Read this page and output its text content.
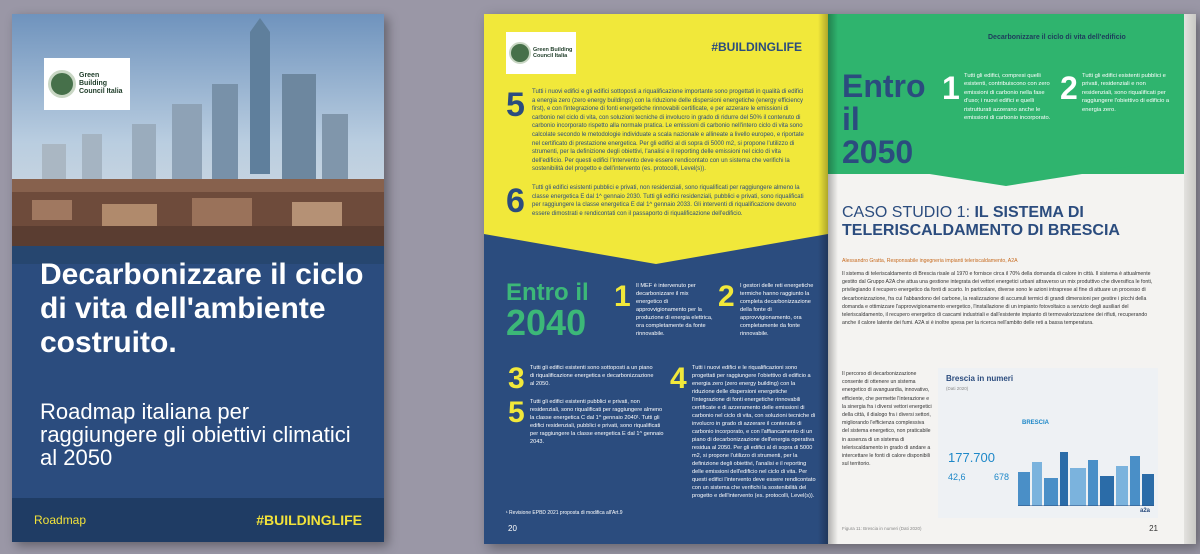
Green Building Council Italia
Decarbonizzare il ciclo di vita dell'ambiente costruito.
Roadmap italiana per raggiungere gli obiettivi climatici al 2050
Roadmap	#BUILDINGLIFE
Green Building Council Italia
#BUILDINGLIFE
5 Tutti i nuovi edifici e gli edifici sottoposti a riqualificazione importante sono progettati in qualità di edifici a energia zero (zero energy buildings) con la riduzione delle dispersioni energetiche (energy efficiency first), e con l'integrazione di fonti energetiche rinnovabili certificate, e per azzerare le emissioni di carbonio nel ciclo di vita, con soluzioni tecniche di involucro in grado di ridurre del 50% il contenuto di carbonio incorporato rispetto alla normale pratica. Le emissioni di carbonio nell'intero ciclo di vita sono calcolate secondo le metodologie individuate a scala nazionale e allineate a livello europeo, e riportate nel certificato di prestazione energetica. Per gli edifici al di sopra di 5000 m2, si propone l'utilizzo di strumenti, per la definizione degli obiettivi, l'analisi e il reporting delle emissioni nel ciclo di vita dell'edificio. Per questi edifici l'intervento deve essere rendicontato con un sistema che verifichi la sostenibilità del progetto e dell'intervento (es. protocolli, Level(s)).

6 Tutti gli edifici esistenti pubblici e privati, non residenziali, sono riqualificati per raggiungere almeno la classe energetica E dal 1^ gennaio 2030. Tutti gli edifici residenziali, pubblici e privati, sono riqualificati per raggiungere la classe energetica E dal 1^ gennaio 2033. Gli interventi di riqualificazione devono essere dimostrati e rendicontati con il passaporto di riqualificazione dell'edificio.

Entro il
2040
1 Il MEF è intervenuto per decarbonizzare il mix energetico di approvvigionamento per la produzione di energia elettrica, ora completamente da fonte rinnovabile.

2 I gestori delle reti energetiche termiche hanno raggiunto la completa decarbonizzazione della fonte di approvvigionamento, ora completamente da fonte rinnovabile.

3 Tutti gli edifici esistenti sono sottoposti a un piano di riqualificazione energetica e decarbonizzazione al 2050.	4 Tutti i nuovi edifici e le riqualificazioni sono progettati per raggiungere l'obiettivo di edificio a energia zero (zero energy building) con la riduzione delle dispersioni energetiche l'integrazione di fonti energetiche rinnovabili certificate e di azzeramento delle emissioni di carbonio nel ciclo di vita, con soluzioni tecniche di involucro in grado di azzerare il contenuto di carbonio incorporato, e con l'affiancamento di un piano di decarbonizzazione dell'energia operativa residua al 2050. Per gli edifici al di sopra di 5000 m2, si propone l'utilizzo di strumenti, per la definizione degli obiettivi, l'analisi e il reporting delle emissioni dell'edificio nel ciclo di vita. Per questi edifici l'intervento deve essere rendicontato con un sistema che verifichi la sostenibilità del progetto e dell'intervento (es. protocolli, Level(s)).

5 Tutti gli edifici esistenti pubblici e privati, non residenziali, sono riqualificati per raggiungere almeno la classe energetica C dal 1^ gennaio 2040¹. Tutti gli edifici residenziali, pubblici e privati, sono riqualificati per raggiungere la classe energetica E dal 1^ gennaio 2043.

¹ Revisione EPBD 2021 proposta di modifica all'Art.9
20
Decarbonizzare il ciclo di vita dell'edificio
Entro il
2050
1 Tutti gli edifici, compresi quelli esistenti, contribuiscono con zero emissioni di carbonio nella fase d'uso; i nuovi edifici e quelli ristrutturati azzerano anche le emissioni di carbonio incorporato.

2 Tutti gli edifici esistenti pubblici e privati, residenziali e non residenziali, sono riqualificati per raggiungere l'obiettivo di edificio a energia zero.

CASO STUDIO 1: IL SISTEMA DI TELERISCALDAMENTO DI BRESCIA
Alessandro Gratta, Responsabile ingegneria impianti teleriscaldamento, A2A

Il sistema di teleriscaldamento di Brescia risale al 1970 e fornisce circa il 70% della domanda di calore in città. Il sistema è attualmente gestito dal Gruppo A2A che attua una gestione integrata dei vettori energetici urbani attraverso un mix produttivo che diversifica le fonti, privilegiando il recupero energetico da fonti di scarto. In particolare, diverse sono le azioni intraprese al fine di attuare un processo di decarbonizzazione, fra cui l'abbandono del carbone, la realizzazione di accumuli termici di grandi dimensioni per gestire i picchi della domanda e ottimizzare l'approvvigionamento energetico, l'installazione di un impianto fotovoltaico a servizio degli ausiliari del teleriscaldamento, il recupero energetico di cascami industriali e dall'esistente impianto di termovalorizzazione dei rifiuti, recuperando anche il calore latente dei fumi. A2A si è inoltre spesa per la ricerca nell'ambito delle reti a bassa temperatura.

Il percorso di decarbonizzazione consente di ottenere un sistema energetico di avanguardia, innovativo, efficiente, che permette l'interazione e la sinergia fra i diversi vettori energetici della città, il dialogo fra i diversi settori, migliorando l'efficienza complessiva del sistema energetico, non praticabile in assenza di un sistema di teleriscaldamento in grado di andare a intercettare le fonti di calore disponibili sul territorio.

Brescia in numeri
(Dati 2020)
BRESCIA
177.700
42,6	678
a2a
Figura 11: Brescia in numeri (Dati 2020)	21
